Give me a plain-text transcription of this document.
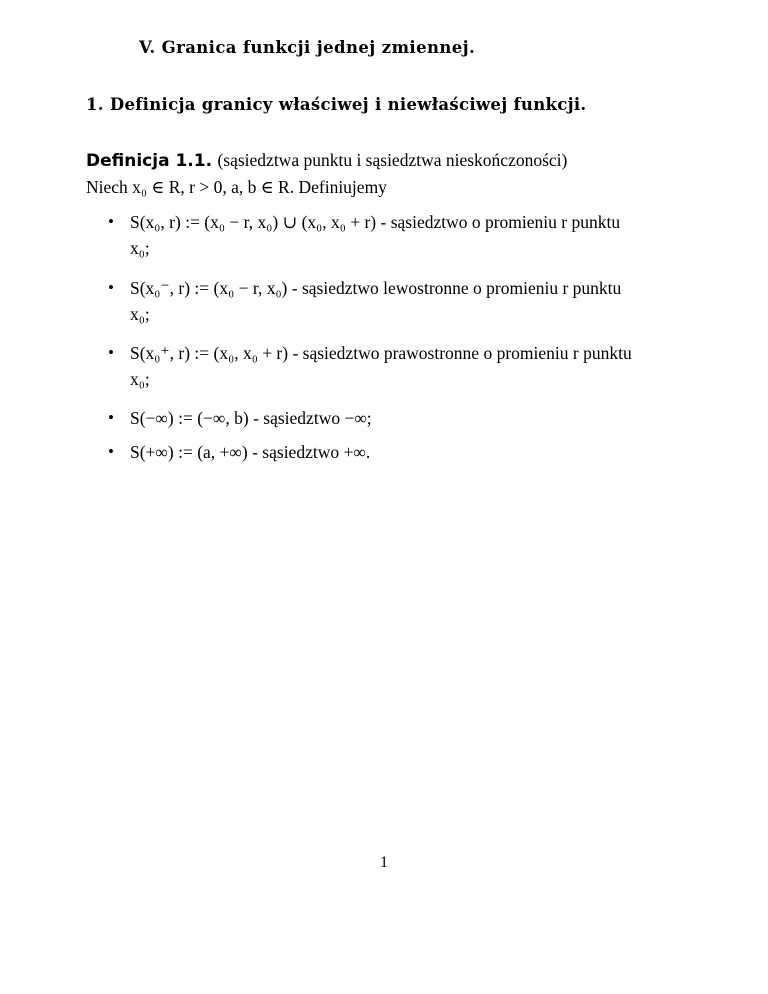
V. Granica funkcji jednej zmiennej.
1. Definicja granicy właściwej i niewłaściwej funkcji.
Definicja 1.1. (sąsiedztwa punktu i sąsiedztwa nieskończoności)
Niech x₀ ∈ R, r > 0, a, b ∈ R. Definiujemy
• S(x₀, r) := (x₀ − r, x₀) ∪ (x₀, x₀ + r) - sąsiedztwo o promieniu r punktu
x₀;
• S(x₀⁻, r) := (x₀ − r, x₀) - sąsiedztwo lewostronne o promieniu r punktu
x₀;
• S(x₀⁺, r) := (x₀, x₀ + r) - sąsiedztwo prawostronne o promieniu r punktu
x₀;
• S(−∞) := (−∞, b) - sąsiedztwo −∞;
• S(+∞) := (a, +∞) - sąsiedztwo +∞.
1
